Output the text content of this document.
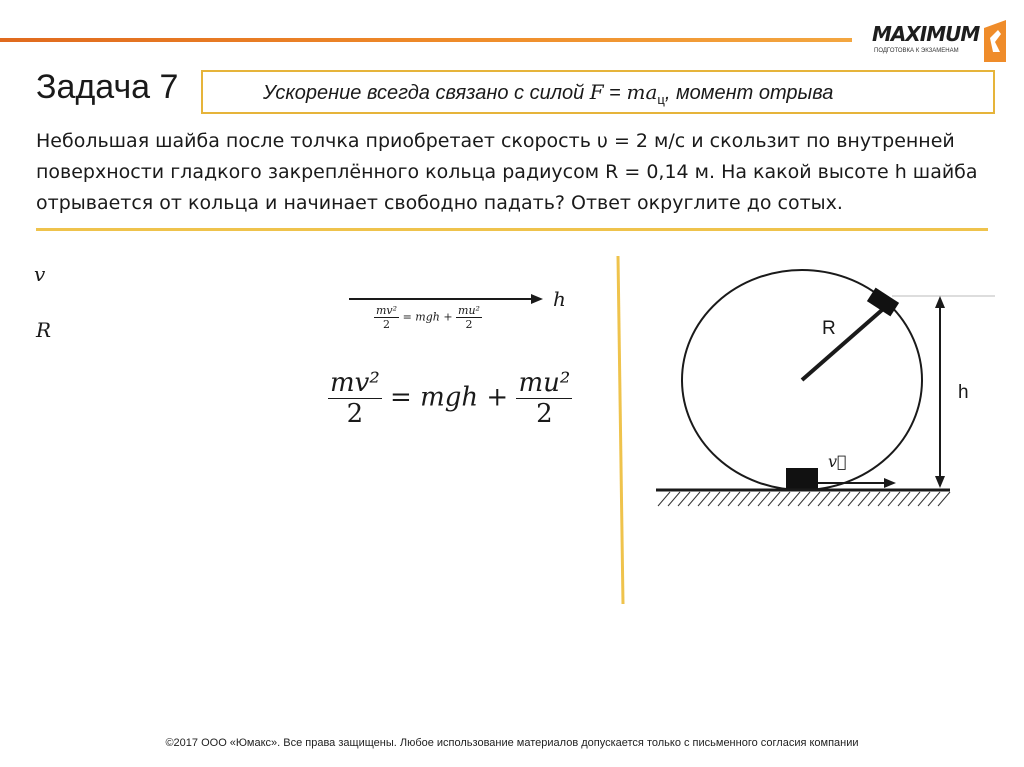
MAXIMUM
ПОДГОТОВКА К ЭКЗАМЕНАМ
Задача 7	Ускорение всегда связано с силой $F = ma_ц$, момент отрыва
Небольшая шайба после толчка приобретает скорость υ = 2 м/с и скользит по внутренней
поверхности гладкого закреплённого кольца радиусом R = 0,14 м. На какой высоте h шайба
отрывается от кольца и начинает свободно падать? Ответ округлите до сотых.
v
R
h
$\frac{\text{mv²}}{2}$ = mgh + $\frac{\text{mu²}}{2}$
$\frac{\text{mv²}}{2}$ = mgh + $\frac{\text{mu²}}{2}$
R
h
v⃗
©2017 ООО «Юмакс». Все права защищены. Любое использование материалов допускается только с письменного согласия компании
